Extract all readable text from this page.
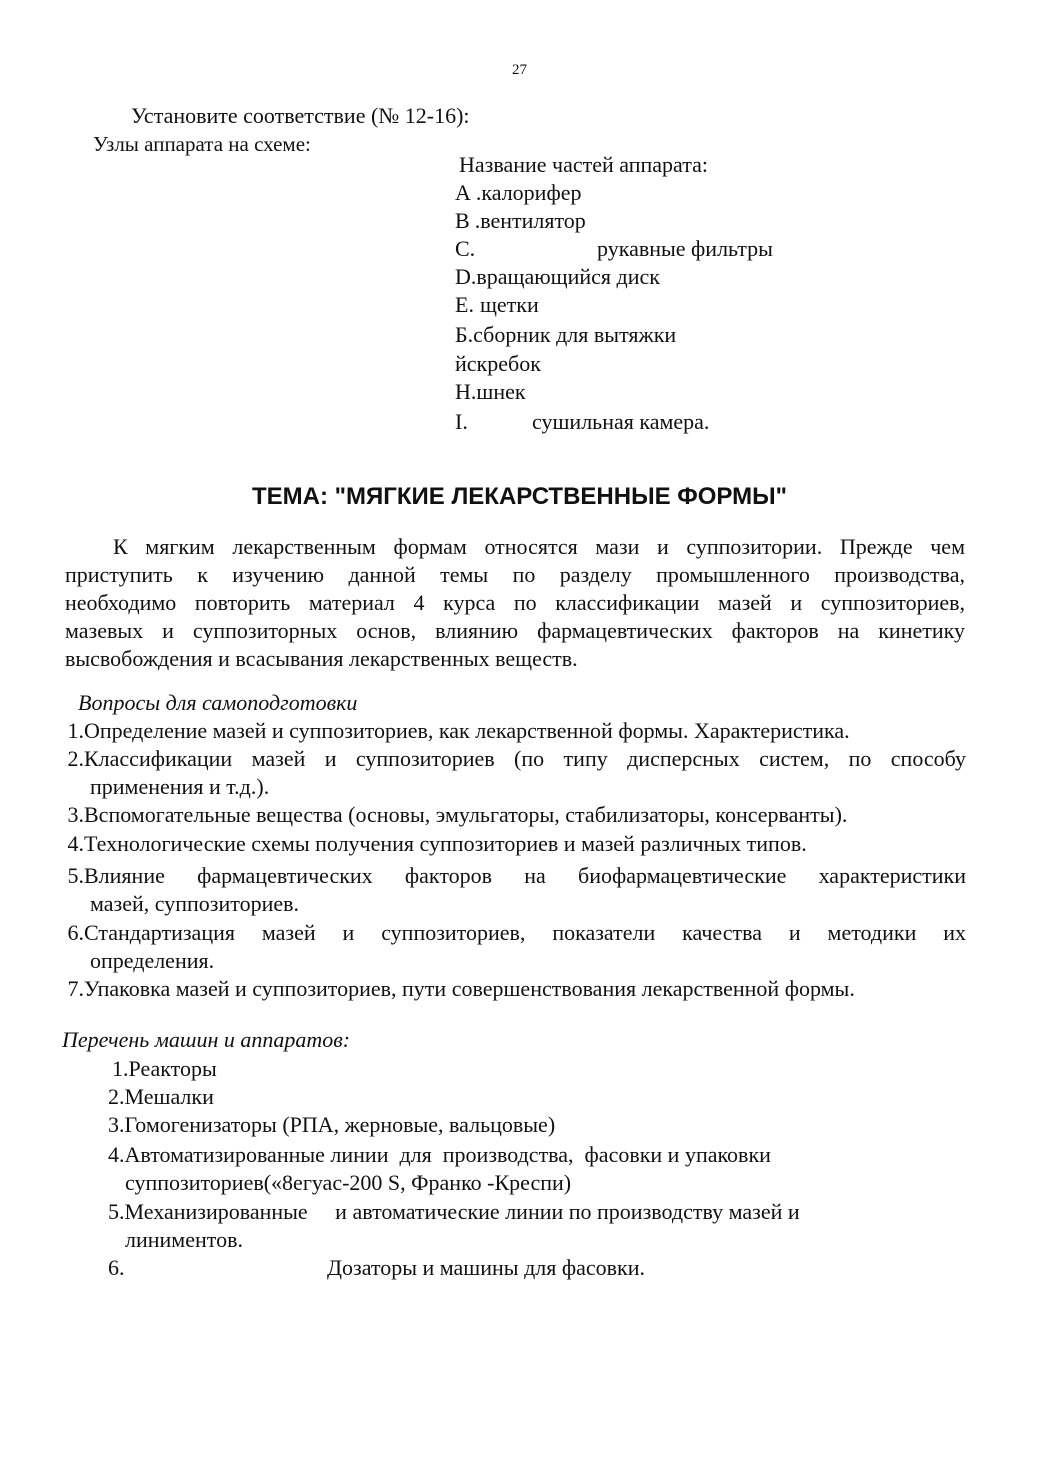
27
Установите соответствие (№ 12-16):
Узлы аппарата на схеме:
Название частей аппарата:
А .калорифер
В .вентилятор
С.	рукавные фильтры
D.вращающийся диск
Е. щетки
Б.сборник для вытяжки
йскребок
Н.шнек
I.	сушильная камера.
ТЕМА: "МЯГКИЕ ЛЕКАРСТВЕННЫЕ ФОРМЫ"
К мягким лекарственным формам относятся мази и суппозитории. Прежде чем
приступить к изучению данной темы по разделу промышленного производства,
необходимо повторить материал 4 курса по классификации мазей и суппозиториев,
мазевых и суппозиторных основ, влиянию фармацевтических факторов на кинетику
высвобождения и всасывания лекарственных веществ.
Вопросы для самоподготовки
1. Определение мазей и суппозиториев, как лекарственной формы. Характеристика.
2. Классификации мазей и суппозиториев (по типу дисперсных систем, по способу
применения и т.д.).
3. Вспомогательные вещества (основы, эмульгаторы, стабилизаторы, консерванты).
4. Технологические схемы получения суппозиториев и мазей различных типов.
5. Влияние фармацевтических факторов на биофармацевтические характеристики
мазей, суппозиториев.
6. Стандартизация мазей и суппозиториев, показатели качества и методики их
определения.
7. Упаковка мазей и суппозиториев, пути совершенствования лекарственной формы.
Перечень машин и аппаратов:
1.Реакторы
2.Мешалки
3.Гомогенизаторы (РПА, жерновые, вальцовые)
4.Автоматизированные линии  для  производства,  фасовки и упаковки
суппозиториев(«8егуас-200 S, Франко -Креспи)
5.Механизированные     и автоматические линии по производству мазей и
линиментов.
6.	Дозаторы и машины для фасовки.
